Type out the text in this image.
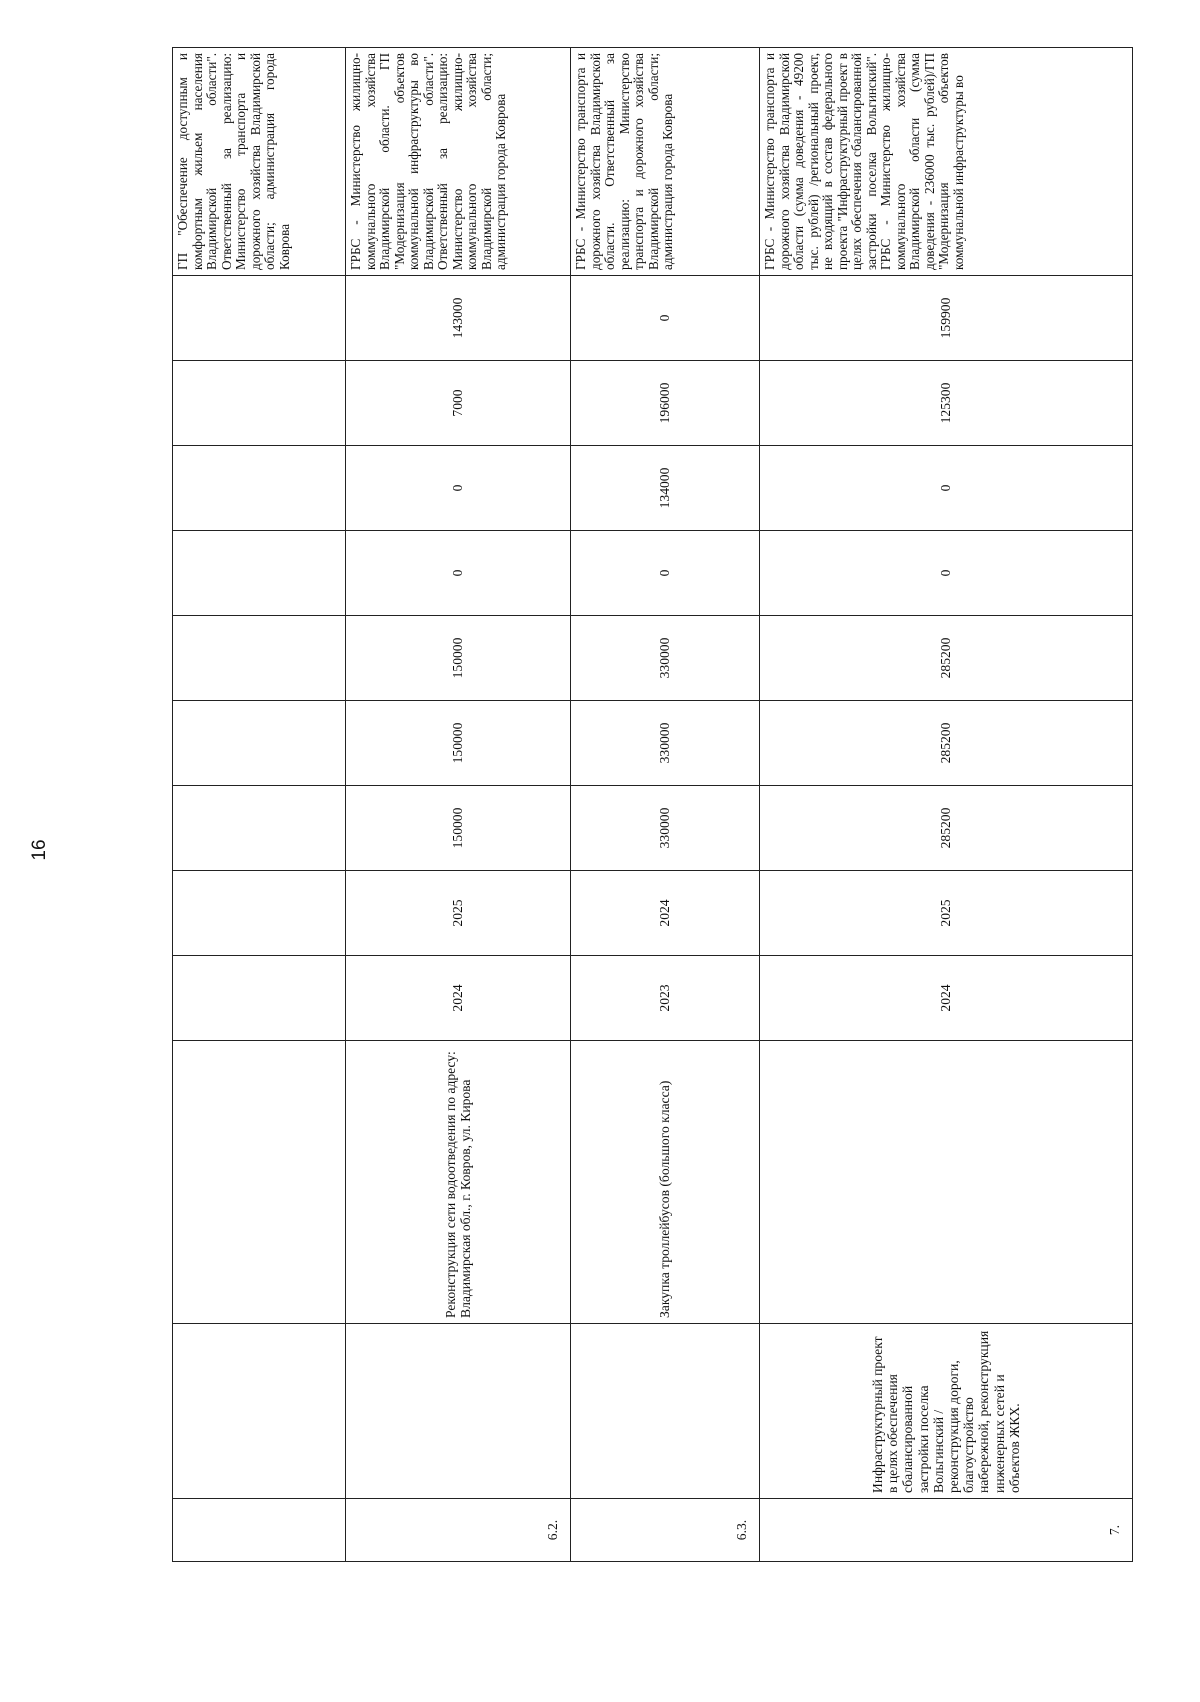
16
												ГП "Обеспечение доступным и комфортным жильем населения Владимирской области". Ответственный за реализацию: Министерство транспорта и дорожного хозяйства Владимирской области; администрация города Коврова
6.2.		Реконструкция сети водоотведения по адресу: Владимирская обл., г. Ковров, ул. Кирова	2024	2025	150000	150000	150000	0	0	7000	143000	ГРБС - Министерство жилищно-коммунального хозяйства Владимирской области. ГП "Модернизация объектов коммунальной инфраструктуры во Владимирской области". Ответственный за реализацию: Министерство жилищно-коммунального хозяйства Владимирской области; администрация города Коврова
6.3.		Закупка троллейбусов (большого класса)	2023	2024	330000	330000	330000	0	134000	196000	0	ГРБС - Министерство транспорта и дорожного хозяйства Владимирской области. Ответственный за реализацию: Министерство транспорта и дорожного хозяйства Владимирской области; администрация города Коврова
7.	Инфраструктурный проект в целях обеспечения сбалансированной застройки поселка Вольгинский / реконструкция дороги, благоустройство набережной, реконструкция инженерных сетей и объектов ЖКХ.		2024	2025	285200	285200	285200	0	0	125300	159900	ГРБС - Министерство транспорта и дорожного хозяйства Владимирской области (сумма доведения - 49200 тыс. рублей) /региональный проект, не входящий в состав федерального проекта "Инфраструктурный проект в целях обеспечения сбалансированной застройки поселка Вольгинский". ГРБС - Министерство жилищно-коммунального хозяйства Владимирской области (сумма доведения - 236000 тыс. рублей)/ГП "Модернизация объектов коммунальной инфраструктуры во
